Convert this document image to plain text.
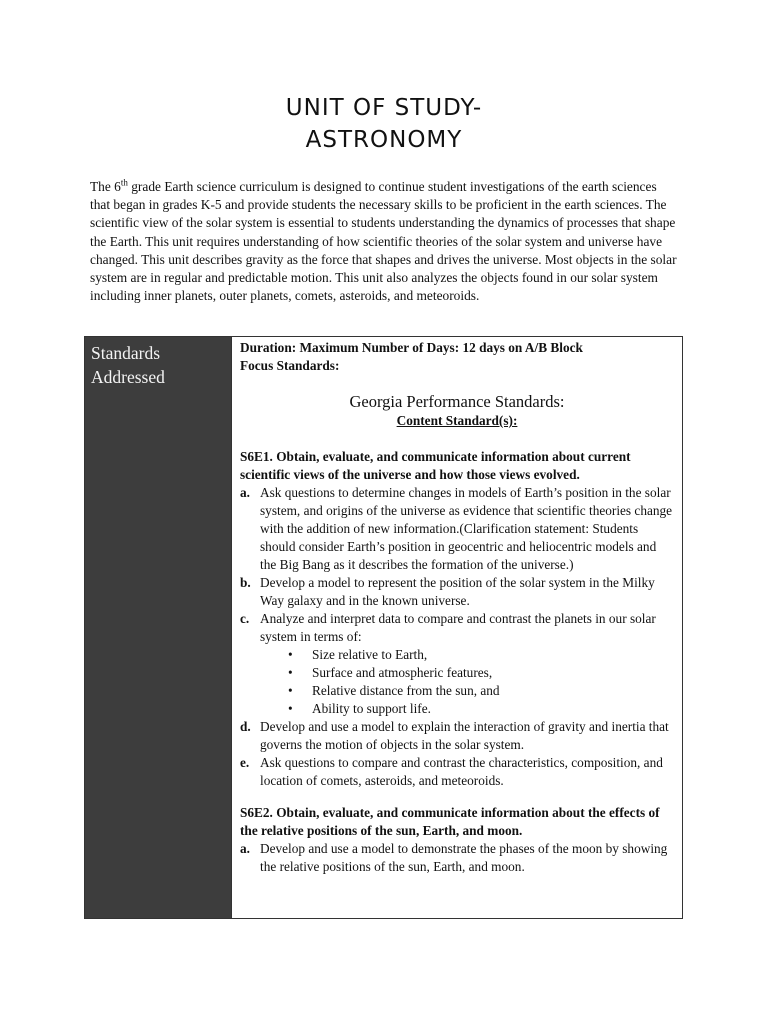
UNIT OF STUDY-
ASTRONOMY
The 6th grade Earth science curriculum is designed to continue student investigations of the earth sciences that began in grades K-5 and provide students the necessary skills to be proficient in the earth sciences. The scientific view of the solar system is essential to students understanding the dynamics of processes that shape the Earth. This unit requires understanding of how scientific theories of the solar system and universe have changed. This unit describes gravity as the force that shapes and drives the universe. Most objects in the solar system are in regular and predictable motion. This unit also analyzes the objects found in our solar system including inner planets, outer planets, comets, asteroids, and meteoroids.
Standards
Addressed
Duration: Maximum Number of Days: 12 days on A/B Block
Focus Standards:
Georgia Performance Standards:
Content Standard(s):
S6E1. Obtain, evaluate, and communicate information about current scientific views of the universe and how those views evolved.
a. Ask questions to determine changes in models of Earth’s position in the solar system, and origins of the universe as evidence that scientific theories change with the addition of new information.(Clarification statement: Students should consider Earth’s position in geocentric and heliocentric models and the Big Bang as it describes the formation of the universe.)
b. Develop a model to represent the position of the solar system in the Milky Way galaxy and in the known universe.
c. Analyze and interpret data to compare and contrast the planets in our solar system in terms of:
•	Size relative to Earth,
•	Surface and atmospheric features,
•	Relative distance from the sun, and
•	Ability to support life.
d. Develop and use a model to explain the interaction of gravity and inertia that governs the motion of objects in the solar system.
e. Ask questions to compare and contrast the characteristics, composition, and location of comets, asteroids, and meteoroids.
S6E2. Obtain, evaluate, and communicate information about the effects of the relative positions of the sun, Earth, and moon.
a. Develop and use a model to demonstrate the phases of the moon by showing the relative positions of the sun, Earth, and moon.
